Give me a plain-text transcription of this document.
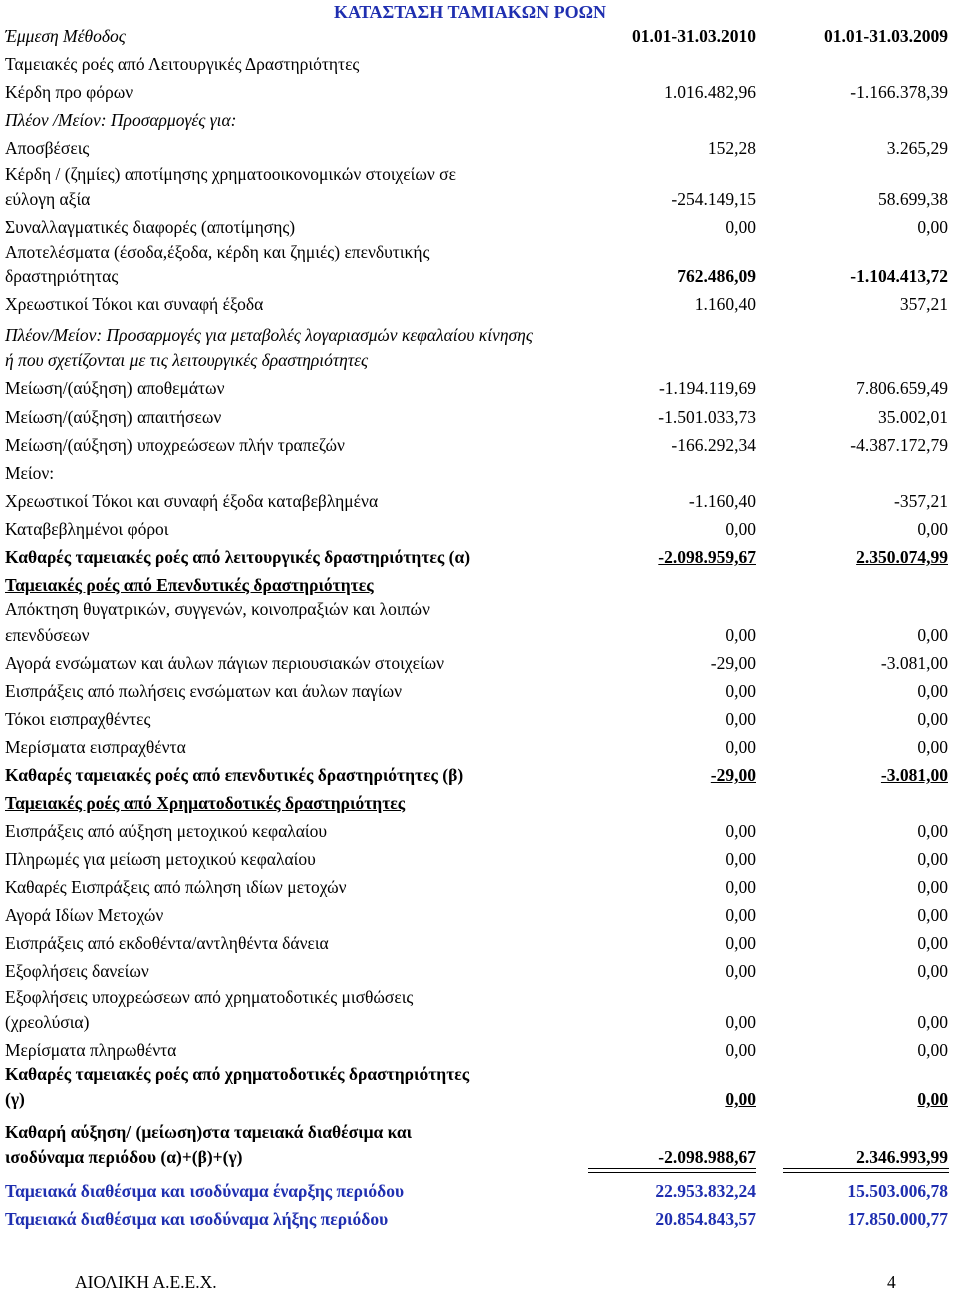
ΚΑΤΑΣΤΑΣΗ ΤΑΜΙΑΚΩΝ ΡΟΩΝ
Έμμεση Μέθοδος	01.01-31.03.2010	01.01-31.03.2009
Ταμειακές ροές από Λειτουργικές Δραστηριότητες
Κέρδη προ φόρων	1.016.482,96	-1.166.378,39
Πλέον /Μείον: Προσαρμογές για:
Αποσβέσεις	152,28	3.265,29
Κέρδη / (ζημίες) αποτίμησης χρηματοοικονομικών στοιχείων σε
εύλογη αξία	-254.149,15	58.699,38
Συναλλαγματικές διαφορές (αποτίμησης)	0,00	0,00
Αποτελέσματα (έσοδα,έξοδα, κέρδη και ζημιές) επενδυτικής
δραστηριότητας	762.486,09	-1.104.413,72
Χρεωστικοί Τόκοι και συναφή έξοδα	1.160,40	357,21
Πλέον/Μείον: Προσαρμογές για μεταβολές λογαριασμών κεφαλαίου κίνησης
ή που σχετίζονται με τις λειτουργικές δραστηριότητες
Μείωση/(αύξηση) αποθεμάτων	-1.194.119,69	7.806.659,49
Μείωση/(αύξηση) απαιτήσεων	-1.501.033,73	35.002,01
Μείωση/(αύξηση) υποχρεώσεων πλήν τραπεζών	-166.292,34	-4.387.172,79
Μείον:
Χρεωστικοί Τόκοι και συναφή έξοδα καταβεβλημένα	-1.160,40	-357,21
Καταβεβλημένοι φόροι	0,00	0,00
Καθαρές ταμειακές ροές από λειτουργικές δραστηριότητες (α)	-2.098.959,67	2.350.074,99
Ταμειακές ροές από Επενδυτικές δραστηριότητες
Απόκτηση θυγατρικών, συγγενών, κοινοπραξιών και λοιπών
επενδύσεων	0,00	0,00
Αγορά ενσώματων και άυλων πάγιων περιουσιακών στοιχείων	-29,00	-3.081,00
Εισπράξεις από πωλήσεις ενσώματων και άυλων παγίων	0,00	0,00
Τόκοι εισπραχθέντες	0,00	0,00
Μερίσματα εισπραχθέντα	0,00	0,00
Καθαρές ταμειακές ροές από επενδυτικές δραστηριότητες (β)	-29,00	-3.081,00
Ταμειακές ροές από Χρηματοδοτικές δραστηριότητες
Εισπράξεις από αύξηση μετοχικού κεφαλαίου	0,00	0,00
Πληρωμές για μείωση μετοχικού κεφαλαίου	0,00	0,00
Καθαρές Εισπράξεις από πώληση ιδίων μετοχών	0,00	0,00
Αγορά Ιδίων Μετοχών	0,00	0,00
Εισπράξεις από εκδοθέντα/αντληθέντα δάνεια	0,00	0,00
Εξοφλήσεις δανείων	0,00	0,00
Εξοφλήσεις υποχρεώσεων από χρηματοδοτικές μισθώσεις
(χρεολύσια)	0,00	0,00
Μερίσματα πληρωθέντα	0,00	0,00
Καθαρές ταμειακές ροές από χρηματοδοτικές δραστηριότητες
(γ)	0,00	0,00
Καθαρή αύξηση/ (μείωση)στα ταμειακά διαθέσιμα και
ισοδύναμα περιόδου (α)+(β)+(γ)	-2.098.988,67	2.346.993,99
Ταμειακά διαθέσιμα και ισοδύναμα έναρξης περιόδου	22.953.832,24	15.503.006,78
Ταμειακά διαθέσιμα και ισοδύναμα λήξης περιόδου	20.854.843,57	17.850.000,77
ΑΙΟΛΙΚΗ Α.Ε.Ε.Χ.	4
